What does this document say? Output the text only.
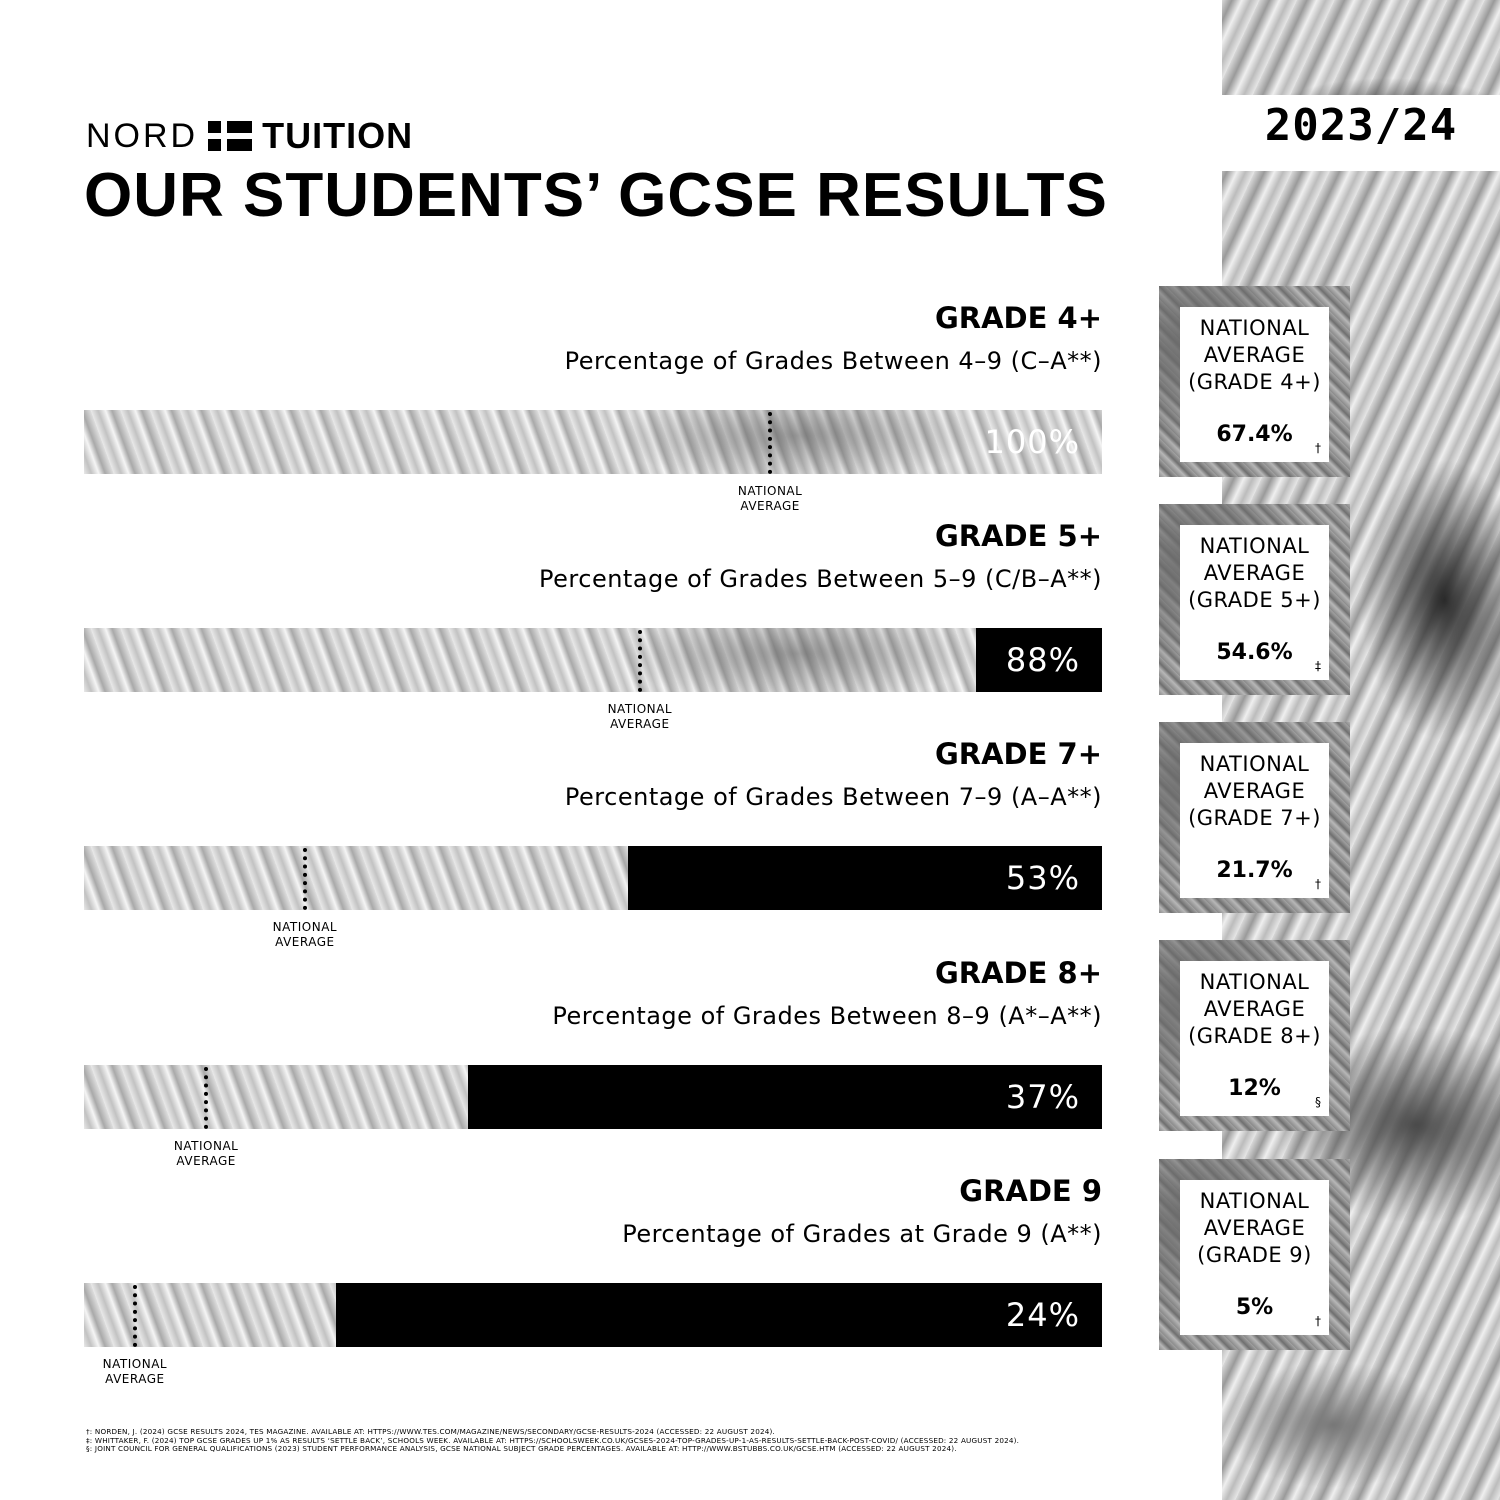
2023/24
NORD TUITION
OUR STUDENTS’ GCSE RESULTS
GRADE 4+
Percentage of Grades Between 4–9 (C–A**)
100%
NATIONAL
AVERAGE
NATIONAL
AVERAGE
(GRADE 4+)
67.4%
†
GRADE 5+
Percentage of Grades Between 5–9 (C/B–A**)
88%
NATIONAL
AVERAGE
NATIONAL
AVERAGE
(GRADE 5+)
54.6%
‡
GRADE 7+
Percentage of Grades Between 7–9 (A–A**)
53%
NATIONAL
AVERAGE
NATIONAL
AVERAGE
(GRADE 7+)
21.7%
†
GRADE 8+
Percentage of Grades Between 8–9 (A*–A**)
37%
NATIONAL
AVERAGE
NATIONAL
AVERAGE
(GRADE 8+)
12%
§
GRADE 9
Percentage of Grades at Grade 9 (A**)
24%
NATIONAL
AVERAGE
NATIONAL
AVERAGE
(GRADE 9)
5%
†
†: NORDEN, J. (2024) GCSE RESULTS 2024, TES MAGAZINE. AVAILABLE AT: HTTPS://WWW.TES.COM/MAGAZINE/NEWS/SECONDARY/GCSE-RESULTS-2024 (ACCESSED: 22 AUGUST 2024).
‡: WHITTAKER, F. (2024) TOP GCSE GRADES UP 1% AS RESULTS ‘SETTLE BACK’, SCHOOLS WEEK. AVAILABLE AT: HTTPS://SCHOOLSWEEK.CO.UK/GCSES-2024-TOP-GRADES-UP-1-AS-RESULTS-SETTLE-BACK-POST-COVID/ (ACCESSED: 22 AUGUST 2024).
§: JOINT COUNCIL FOR GENERAL QUALIFICATIONS (2023) STUDENT PERFORMANCE ANALYSIS, GCSE NATIONAL SUBJECT GRADE PERCENTAGES. AVAILABLE AT: HTTP://WWW.BSTUBBS.CO.UK/GCSE.HTM (ACCESSED: 22 AUGUST 2024).
